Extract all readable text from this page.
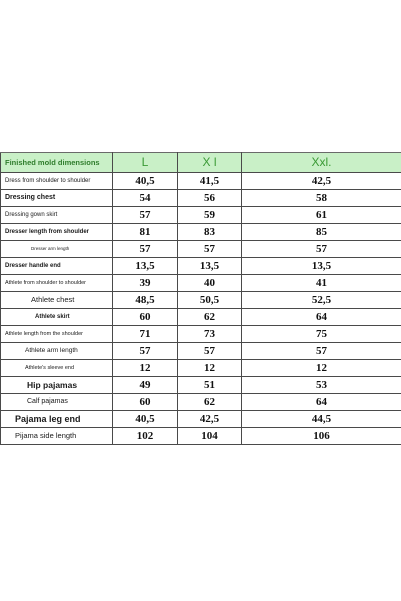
Finished mold dimensions	L	X l	Xxl.
Dress from shoulder to shoulder	40,5	41,5	42,5
Dressing chest	54	56	58
Dressing gown skirt	57	59	61
Dresser length from shoulder	81	83	85
Dresser arm length	57	57	57
Dresser handle end	13,5	13,5	13,5
Athlete from shoulder to shoulder	39	40	41
Athlete chest	48,5	50,5	52,5
Athlete skirt	60	62	64
Athlete length from the shoulder	71	73	75
Athlete arm length	57	57	57
Athlete's sleeve end	12	12	12
Hip pajamas	49	51	53
Calf pajamas	60	62	64
Pajama leg end	40,5	42,5	44,5
Pijama side length	102	104	106
